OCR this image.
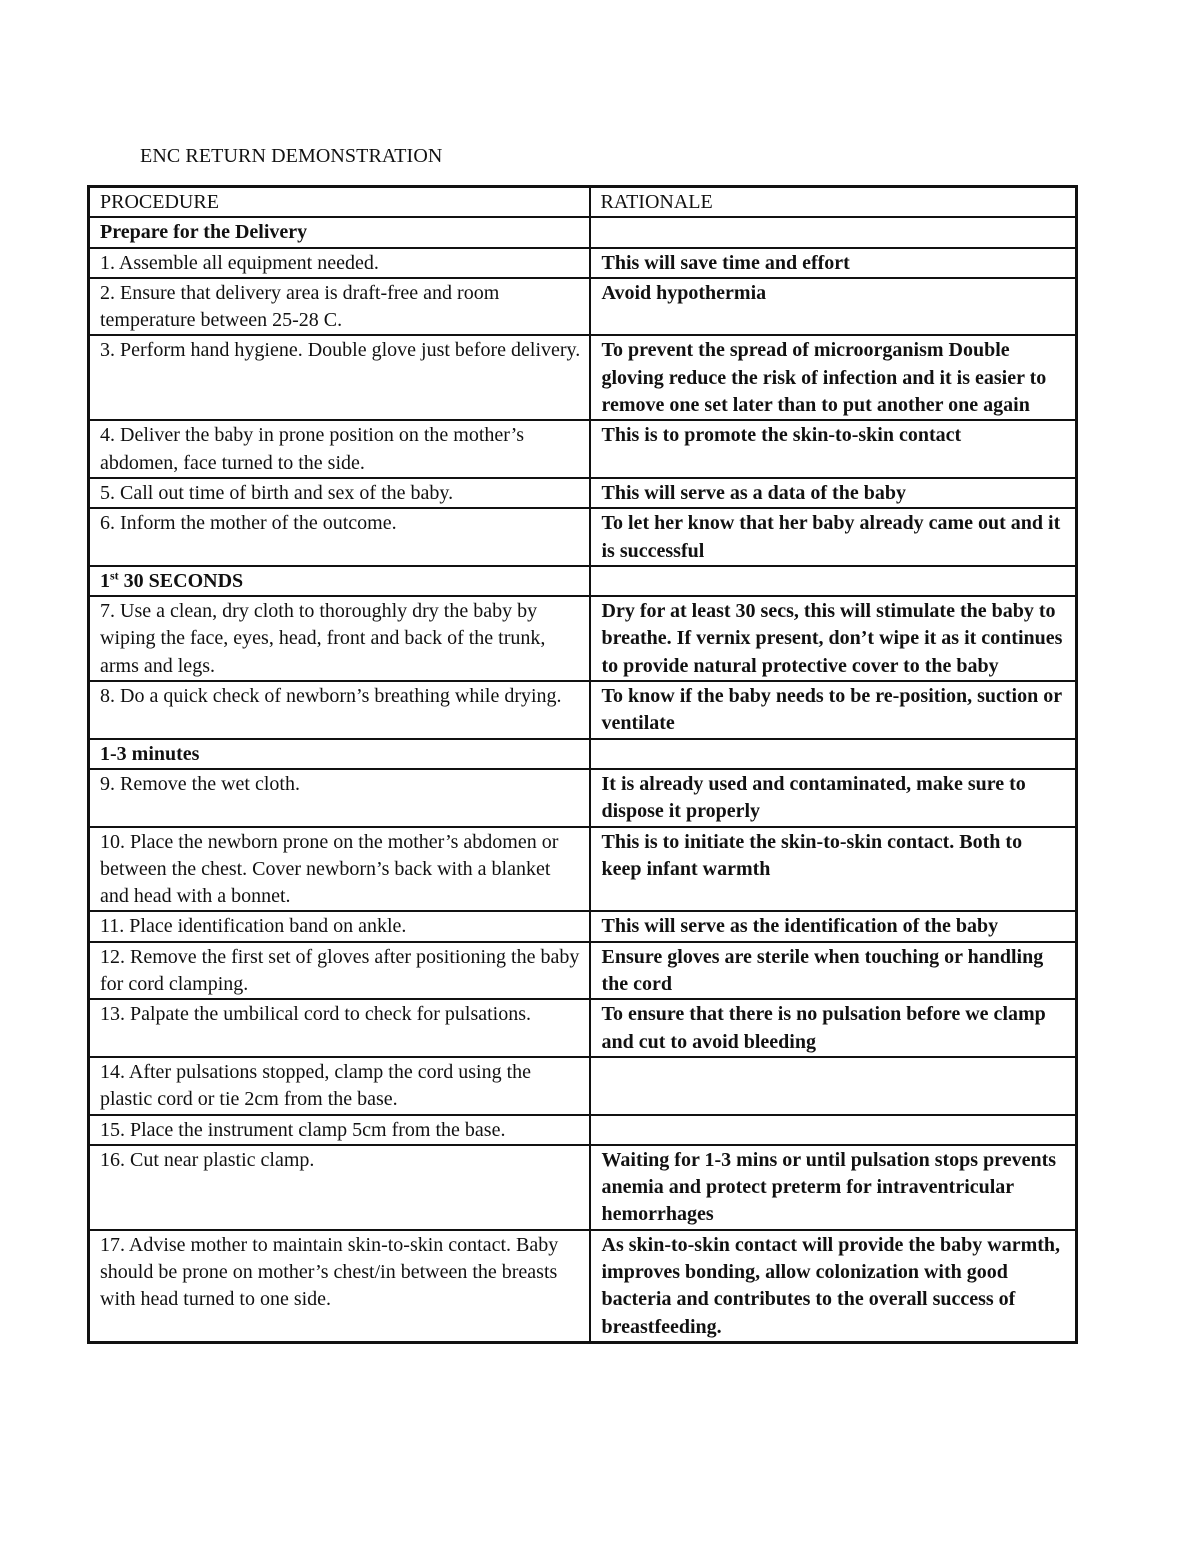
ENC RETURN DEMONSTRATION
PROCEDURE	RATIONALE
Prepare for the Delivery	
1. Assemble all equipment needed.	This will save time and effort
2. Ensure that delivery area is draft-free and room temperature between 25-28 C.	Avoid hypothermia
3. Perform hand hygiene. Double glove just before delivery.	To prevent the spread of microorganism Double gloving reduce the risk of infection and it is easier to remove one set later than to put another one again
4. Deliver the baby in prone position on the mother’s abdomen, face turned to the side.	This is to promote the skin-to-skin contact
5. Call out time of birth and sex of the baby.	This will serve as a data of the baby
6. Inform the mother of the outcome.	To let her know that her baby already came out and it is successful
1st 30 SECONDS	
7. Use a clean, dry cloth to thoroughly dry the baby by wiping the face, eyes, head, front and back of the trunk, arms and legs.	Dry for at least 30 secs, this will stimulate the baby to breathe. If vernix present, don’t wipe it as it continues to provide natural protective cover to the baby
8. Do a quick check of newborn’s breathing while drying.	To know if the baby needs to be re-position, suction or ventilate
1-3 minutes	
9. Remove the wet cloth.	It is already used and contaminated, make sure to dispose it properly
10. Place the newborn prone on the mother’s abdomen or between the chest. Cover newborn’s back with a blanket and head with a bonnet.	This is to initiate the skin-to-skin contact. Both to keep infant warmth
11. Place identification band on ankle.	This will serve as the identification of the baby
12. Remove the first set of gloves after positioning the baby for cord clamping.	Ensure gloves are sterile when touching or handling the cord
13. Palpate the umbilical cord to check for pulsations.	To ensure that there is no pulsation before we clamp and cut to avoid bleeding
14. After pulsations stopped, clamp the cord using the plastic cord or tie 2cm from the base.	
15. Place the instrument clamp 5cm from the base.	
16. Cut near plastic clamp.	Waiting for 1-3 mins or until pulsation stops prevents anemia and protect preterm for intraventricular hemorrhages
17. Advise mother to maintain skin-to-skin contact. Baby should be prone on mother’s chest/in between the breasts with head turned to one side.	As skin-to-skin contact will provide the baby warmth, improves bonding, allow colonization with good bacteria and contributes to the overall success of breastfeeding.
